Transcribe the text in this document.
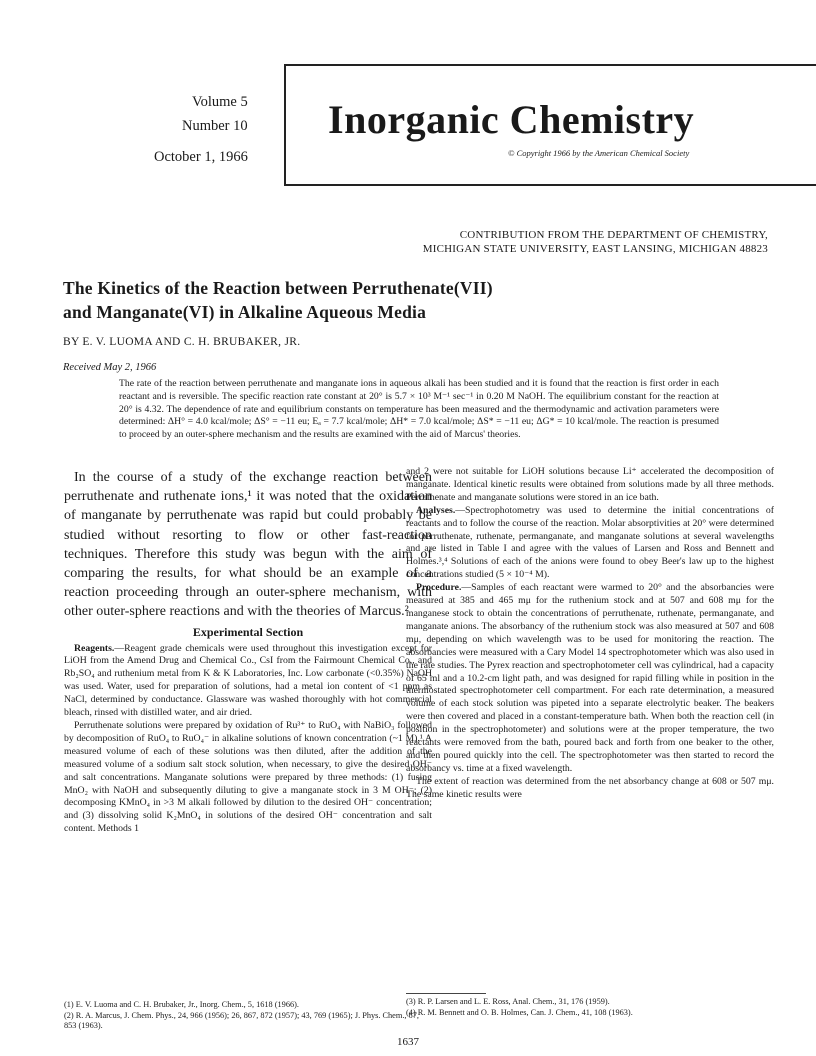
Volume 5
Number 10
October 1, 1966
Inorganic Chemistry
© Copyright 1966 by the American Chemical Society
CONTRIBUTION FROM THE DEPARTMENT OF CHEMISTRY,
MICHIGAN STATE UNIVERSITY, EAST LANSING, MICHIGAN 48823
The Kinetics of the Reaction between Perruthenate(VII)
and Manganate(VI) in Alkaline Aqueous Media
BY E. V. LUOMA AND C. H. BRUBAKER, JR.
Received May 2, 1966
The rate of the reaction between perruthenate and manganate ions in aqueous alkali has been studied and it is found that the reaction is first order in each reactant and is reversible. The specific reaction rate constant at 20° is 5.7 × 10³ M⁻¹ sec⁻¹ in 0.20 M NaOH. The equilibrium constant for the reaction at 20° is 4.32. The dependence of rate and equilibrium constants on temperature has been measured and the thermodynamic and activation parameters were determined: ΔH° = 4.0 kcal/mole; ΔS° = −11 eu; Eₐ = 7.7 kcal/mole; ΔH* = 7.0 kcal/mole; ΔS* = −11 eu; ΔG* = 10 kcal/mole. The reaction is presumed to proceed by an outer-sphere mechanism and the results are examined with the aid of Marcus' theories.

In the course of a study of the exchange reaction between perruthenate and ruthenate ions,¹ it was noted that the oxidation of manganate by perruthenate was rapid but could probably be studied without resorting to flow or other fast-reaction techniques. Therefore this study was begun with the aim of comparing the results, for what should be an example of a reaction proceeding through an outer-sphere mechanism, with other outer-sphere reactions and with the theories of Marcus.²

Experimental Section

Reagents.—Reagent grade chemicals were used throughout this investigation except for LiOH from the Amend Drug and Chemical Co., CsI from the Fairmount Chemical Co., and Rb₂SO₄ and ruthenium metal from K & K Laboratories, Inc. Low carbonate (<0.35%) NaOH was used. Water, used for preparation of solutions, had a metal ion content of <1 ppm as NaCl, determined by conductance. Glassware was washed thoroughly with hot commercial bleach, rinsed with distilled water, and air dried.

Perruthenate solutions were prepared by oxidation of Ru³⁺ to RuO₄ with NaBiO₃ followed by decomposition of RuO₄ to RuO₄⁻ in alkaline solutions of known concentration (~1 M).¹ A measured volume of each of these solutions was then diluted, after the addition of the measured volume of a sodium salt stock solution, when necessary, to give the desired OH⁻ and salt concentrations. Manganate solutions were prepared by three methods: (1) fusing MnO₂ with NaOH and subsequently diluting to give a manganate stock in 3 M OH⁻; (2) decomposing KMnO₄ in >3 M alkali followed by dilution to the desired OH⁻ concentration; and (3) dissolving solid K₂MnO₄ in solutions of the desired OH⁻ concentration and salt content. Methods 1

and 2 were not suitable for LiOH solutions because Li⁺ accelerated the decomposition of manganate. Identical kinetic results were obtained from solutions made by all three methods. Perruthenate and manganate solutions were stored in an ice bath.

Analyses.—Spectrophotometry was used to determine the initial concentrations of reactants and to follow the course of the reaction. Molar absorptivities at 20° were determined for perruthenate, ruthenate, permanganate, and manganate solutions at several wavelengths and are listed in Table I and agree with the values of Larsen and Ross and Bennett and Holmes.³,⁴ Solutions of each of the anions were found to obey Beer's law up to the highest concentrations studied (5 × 10⁻⁴ M).

Procedure.—Samples of each reactant were warmed to 20° and the absorbancies were measured at 385 and 465 mμ for the ruthenium stock and at 507 and 608 mμ for the manganese stock to obtain the concentrations of perruthenate, ruthenate, permanganate, and manganate anions. The absorbancy of the ruthenium stock was also measured at 507 and 608 mμ, depending on which wavelength was to be used for monitoring the reaction. The absorbancies were measured with a Cary Model 14 spectrophotometer which was also used in the rate studies. The Pyrex reaction and spectrophotometer cell was cylindrical, had a capacity of 65 ml and a 10.2-cm light path, and was designed for rapid filling while in position in the thermostated spectrophotometer cell compartment. For each rate determination, a measured volume of each stock solution was pipeted into a separate electrolytic beaker. The beakers were then covered and placed in a constant-temperature bath. When both the reaction cell (in position in the spectrophotometer) and solutions were at the proper temperature, the two reactants were removed from the bath, poured back and forth from one beaker to the other, and then poured quickly into the cell. The spectrophotometer was then started to record the absorbancy vs. time at a fixed wavelength.

The extent of reaction was determined from the net absorbancy change at 608 or 507 mμ. The same kinetic results were

(1) E. V. Luoma and C. H. Brubaker, Jr., Inorg. Chem., 5, 1618 (1966).
(2) R. A. Marcus, J. Chem. Phys., 24, 966 (1956); 26, 867, 872 (1957); 43, 769 (1965); J. Phys. Chem., 67, 853 (1963).
(3) R. P. Larsen and L. E. Ross, Anal. Chem., 31, 176 (1959).
(4) R. M. Bennett and O. B. Holmes, Can. J. Chem., 41, 108 (1963).
1637
